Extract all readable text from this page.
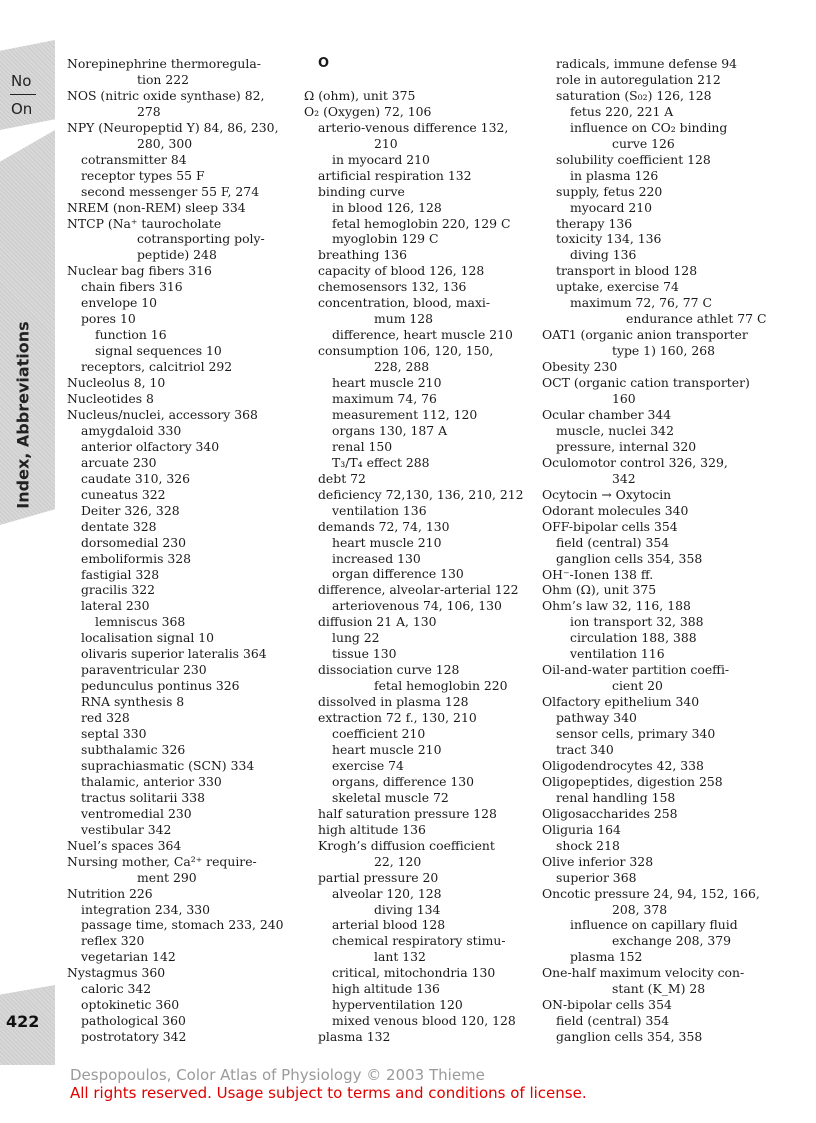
No
On
Index, Abbreviations
422
Norepinephrine thermoregula-
tion 222
NOS (nitric oxide synthase) 82,
278
NPY (Neuropeptid Y) 84, 86, 230,
280, 300
cotransmitter 84
receptor types 55 F
second messenger 55 F, 274
NREM (non-REM) sleep 334
NTCP (Na⁺ taurocholate
cotransporting poly-
peptide) 248
Nuclear bag fibers 316
chain fibers 316
envelope 10
pores 10
function 16
signal sequences 10
receptors, calcitriol 292
Nucleolus 8, 10
Nucleotides 8
Nucleus/nuclei, accessory 368
amygdaloid 330
anterior olfactory 340
arcuate 230
caudate 310, 326
cuneatus 322
Deiter 326, 328
dentate 328
dorsomedial 230
emboliformis 328
fastigial 328
gracilis 322
lateral 230
lemniscus 368
localisation signal 10
olivaris superior lateralis 364
paraventricular 230
pedunculus pontinus 326
RNA synthesis 8
red 328
septal 330
subthalamic 326
suprachiasmatic (SCN) 334
thalamic, anterior 330
tractus solitarii 338
ventromedial 230
vestibular 342
Nuel’s spaces 364
Nursing mother, Ca²⁺ require-
ment 290
Nutrition 226
integration 234, 330
passage time, stomach 233, 240
reflex 320
vegetarian 142
Nystagmus 360
caloric 342
optokinetic 360
pathological 360
postrotatory 342
O
Ω (ohm), unit 375
O₂ (Oxygen) 72, 106
arterio-venous difference 132,
210
in myocard 210
artificial respiration 132
binding curve
in blood 126, 128
fetal hemoglobin 220, 129 C
myoglobin 129 C
breathing 136
capacity of blood 126, 128
chemosensors 132, 136
concentration, blood, maxi-
mum 128
difference, heart muscle 210
consumption 106, 120, 150,
228, 288
heart muscle 210
maximum 74, 76
measurement 112, 120
organs 130, 187 A
renal 150
T₃/T₄ effect 288
debt 72
deficiency 72,130, 136, 210, 212
ventilation 136
demands 72, 74, 130
heart muscle 210
increased 130
organ difference 130
difference, alveolar-arterial 122
arteriovenous 74, 106, 130
diffusion 21 A, 130
lung 22
tissue 130
dissociation curve 128
fetal hemoglobin 220
dissolved in plasma 128
extraction 72 f., 130, 210
coefficient 210
heart muscle 210
exercise 74
organs, difference 130
skeletal muscle 72
half saturation pressure 128
high altitude 136
Krogh’s diffusion coefficient
22, 120
partial pressure 20
alveolar 120, 128
diving 134
arterial blood 128
chemical respiratory stimu-
lant 132
critical, mitochondria 130
high altitude 136
hyperventilation 120
mixed venous blood 120, 128
plasma 132
radicals, immune defense 94
role in autoregulation 212
saturation (S₀₂) 126, 128
fetus 220, 221 A
influence on CO₂ binding
curve 126
solubility coefficient 128
in plasma 126
supply, fetus 220
myocard 210
therapy 136
toxicity 134, 136
diving 136
transport in blood 128
uptake, exercise 74
maximum 72, 76, 77 C
endurance athlet 77 C
OAT1 (organic anion transporter
type 1) 160, 268
Obesity 230
OCT (organic cation transporter)
160
Ocular chamber 344
muscle, nuclei 342
pressure, internal 320
Oculomotor control 326, 329,
342
Ocytocin → Oxytocin
Odorant molecules 340
OFF-bipolar cells 354
field (central) 354
ganglion cells 354, 358
OH⁻-Ionen 138 ff.
Ohm (Ω), unit 375
Ohm’s law 32, 116, 188
ion transport 32, 388
circulation 188, 388
ventilation 116
Oil-and-water partition coeffi-
cient 20
Olfactory epithelium 340
pathway 340
sensor cells, primary 340
tract 340
Oligodendrocytes 42, 338
Oligopeptides, digestion 258
renal handling 158
Oligosaccharides 258
Oliguria 164
shock 218
Olive inferior 328
superior 368
Oncotic pressure 24, 94, 152, 166,
208, 378
influence on capillary fluid
exchange 208, 379
plasma 152
One-half maximum velocity con-
stant (K_M) 28
ON-bipolar cells 354
field (central) 354
ganglion cells 354, 358
Despopoulos, Color Atlas of Physiology © 2003 Thieme
All rights reserved. Usage subject to terms and conditions of license.
